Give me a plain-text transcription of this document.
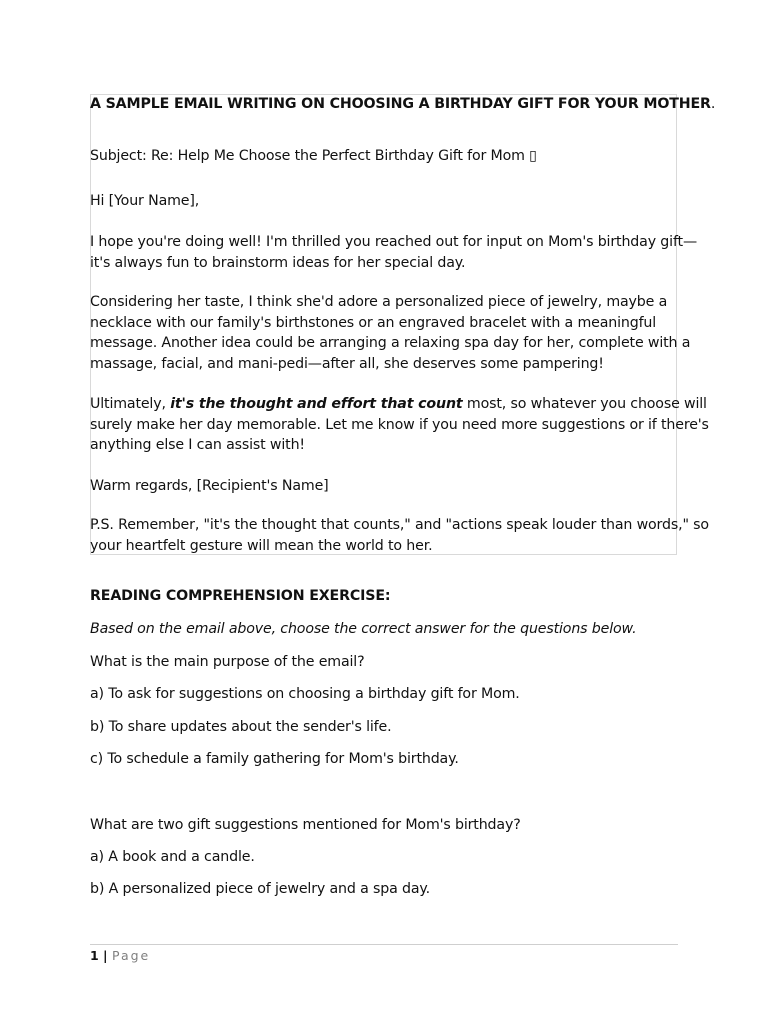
A SAMPLE EMAIL WRITING ON CHOOSING A BIRTHDAY GIFT FOR YOUR MOTHER.
Subject: Re: Help Me Choose the Perfect Birthday Gift for Mom ▯
Hi [Your Name],
I hope you're doing well! I'm thrilled you reached out for input on Mom's birthday gift—
it's always fun to brainstorm ideas for her special day.
Considering her taste, I think she'd adore a personalized piece of jewelry, maybe a
necklace with our family's birthstones or an engraved bracelet with a meaningful
message. Another idea could be arranging a relaxing spa day for her, complete with a
massage, facial, and mani-pedi—after all, she deserves some pampering!
Ultimately, it's the thought and effort that count most, so whatever you choose will
surely make her day memorable. Let me know if you need more suggestions or if there's
anything else I can assist with!
Warm regards, [Recipient's Name]
P.S. Remember, "it's the thought that counts," and "actions speak louder than words," so
your heartfelt gesture will mean the world to her.
READING COMPREHENSION EXERCISE:
Based on the email above, choose the correct answer for the questions below.
What is the main purpose of the email?
a) To ask for suggestions on choosing a birthday gift for Mom.
b) To share updates about the sender's life.
c) To schedule a family gathering for Mom's birthday.
What are two gift suggestions mentioned for Mom's birthday?
a) A book and a candle.
b) A personalized piece of jewelry and a spa day.
1 | Page
